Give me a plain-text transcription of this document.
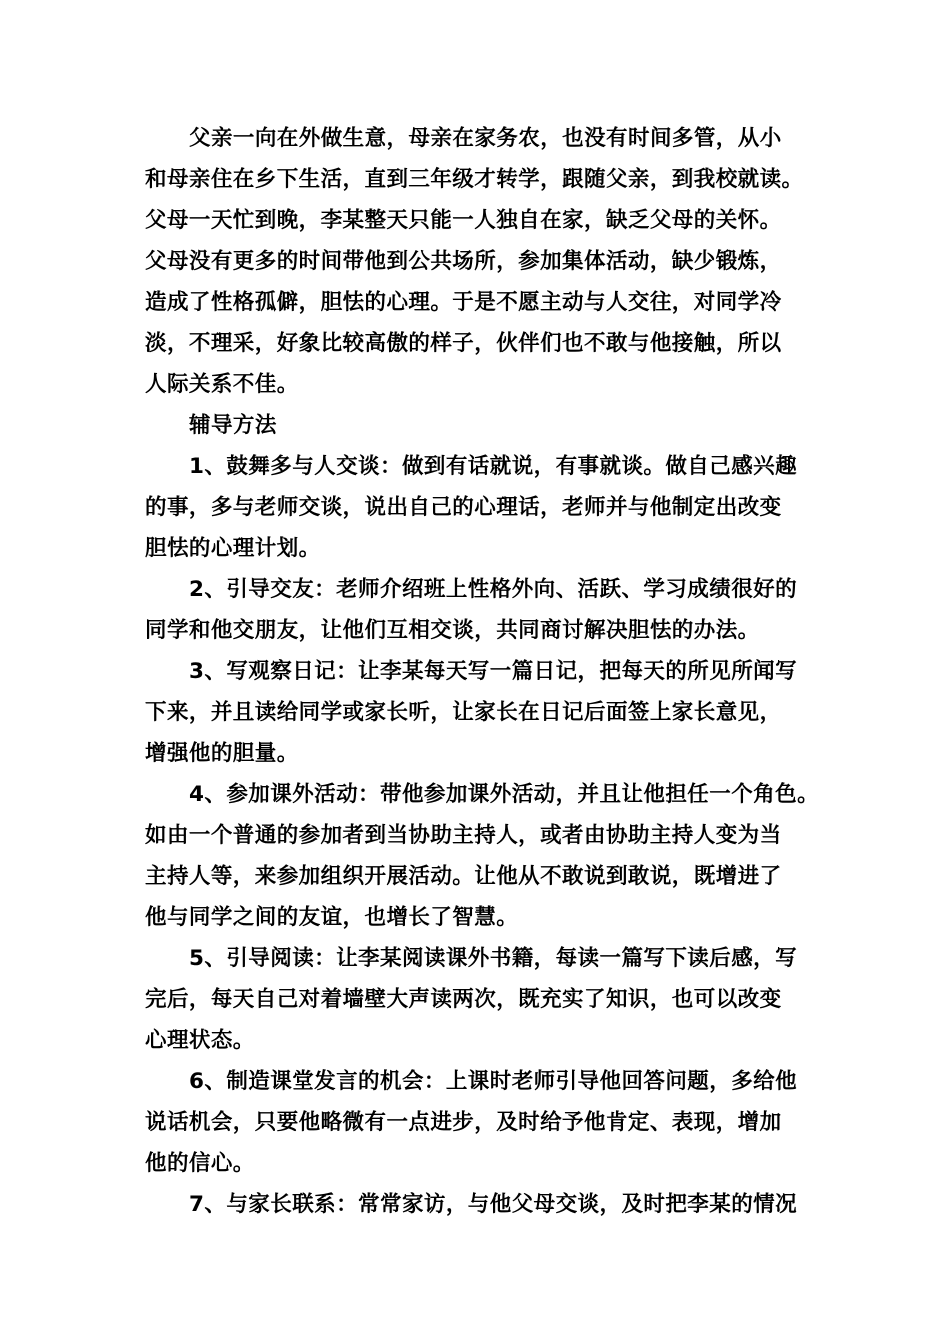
父亲一向在外做生意，母亲在家务农，也没有时间多管，从小
和母亲住在乡下生活，直到三年级才转学，跟随父亲，到我校就读。
父母一天忙到晚，李某整天只能一人独自在家，缺乏父母的关怀。
父母没有更多的时间带他到公共场所，参加集体活动，缺少锻炼，
造成了性格孤僻，胆怯的心理。于是不愿主动与人交往，对同学冷
淡，不理采，好象比较高傲的样子，伙伴们也不敢与他接触，所以
人际关系不佳。
辅导方法
1、鼓舞多与人交谈：做到有话就说，有事就谈。做自己感兴趣
的事，多与老师交谈，说出自己的心理话，老师并与他制定出改变
胆怯的心理计划。
2、引导交友：老师介绍班上性格外向、活跃、学习成绩很好的
同学和他交朋友，让他们互相交谈，共同商讨解决胆怯的办法。
3、写观察日记：让李某每天写一篇日记，把每天的所见所闻写
下来，并且读给同学或家长听，让家长在日记后面签上家长意见，
增强他的胆量。
4、参加课外活动：带他参加课外活动，并且让他担任一个角色。
如由一个普通的参加者到当协助主持人，或者由协助主持人变为当
主持人等，来参加组织开展活动。让他从不敢说到敢说，既增进了
他与同学之间的友谊，也增长了智慧。
5、引导阅读：让李某阅读课外书籍，每读一篇写下读后感，写
完后，每天自己对着墙壁大声读两次，既充实了知识，也可以改变
心理状态。
6、制造课堂发言的机会：上课时老师引导他回答问题，多给他
说话机会，只要他略微有一点进步，及时给予他肯定、表现，增加
他的信心。
7、与家长联系：常常家访，与他父母交谈，及时把李某的情况
